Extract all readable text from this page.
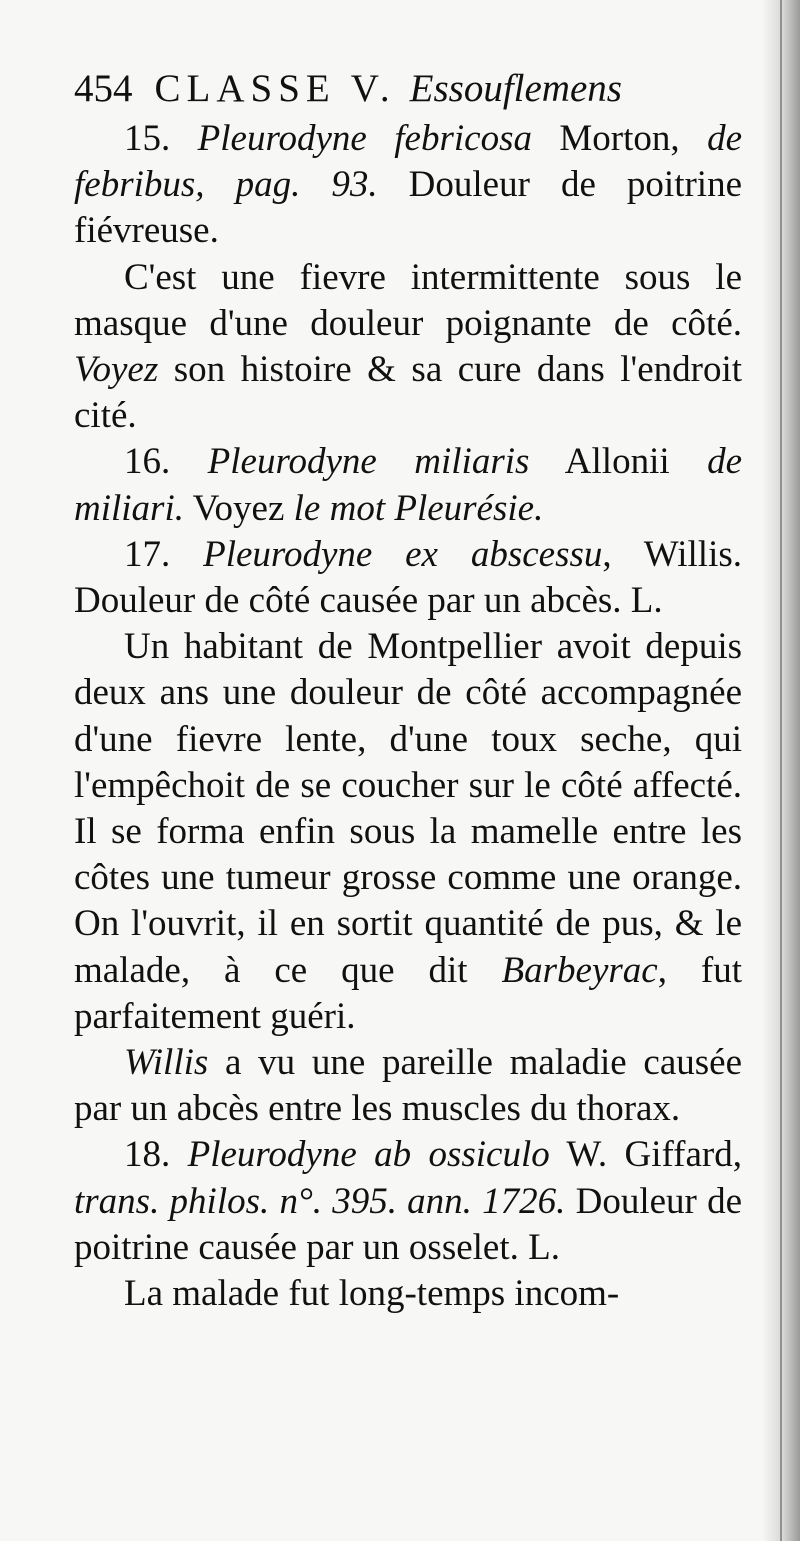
454 CLASSE V. Essouflemens

15. Pleurodyne febricosa Morton, de febribus, pag. 93. Douleur de poitrine fiévreuse.

C'est une fievre intermittente sous le masque d'une douleur poignante de côté. Voyez son histoire & sa cure dans l'endroit cité.

16. Pleurodyne miliaris Allonii de miliari. Voyez le mot Pleurésie.

17. Pleurodyne ex abscessu, Willis. Douleur de côté causée par un abcès. L.

Un habitant de Montpellier avoit depuis deux ans une douleur de côté accompagnée d'une fievre lente, d'une toux seche, qui l'empêchoit de se coucher sur le côté affecté. Il se forma enfin sous la mamelle entre les côtes une tumeur grosse comme une orange. On l'ouvrit, il en sortit quantité de pus, & le malade, à ce que dit Barbeyrac, fut parfaitement guéri.

Willis a vu une pareille maladie causée par un abcès entre les muscles du thorax.

18. Pleurodyne ab ossiculo W. Giffard, trans. philos. n°. 395. ann. 1726. Douleur de poitrine causée par un osselet. L.

La malade fut long-temps incom-
